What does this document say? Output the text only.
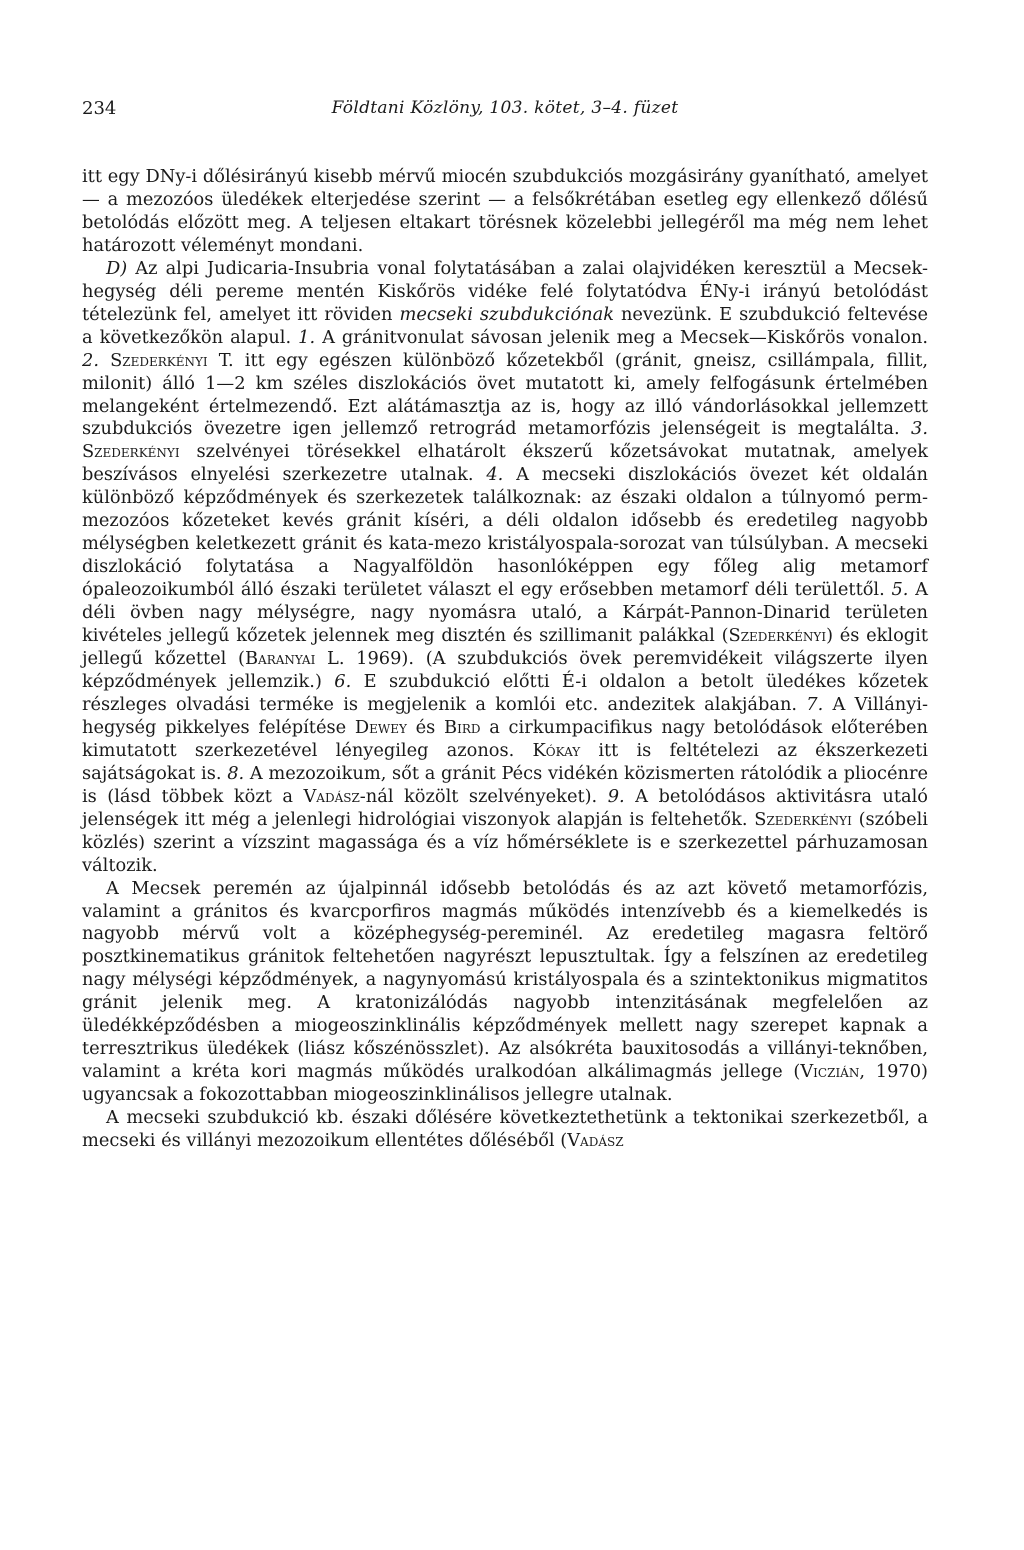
234	Földtani Közlöny, 103. kötet, 3–4. füzet

itt egy DNy-i dőlésirányú kisebb mérvű miocén szubdukciós mozgásirány gyanítható, amelyet — a mezozóos üledékek elterjedése szerint — a felsőkrétában esetleg egy ellenkező dőlésű betolódás előzött meg. A teljesen eltakart törésnek közelebbi jellegéről ma még nem lehet határozott véleményt mondani.

D) Az alpi Judicaria-Insubria vonal folytatásában a zalai olajvidéken keresztül a Mecsek-hegység déli pereme mentén Kiskőrös vidéke felé folytatódva ÉNy-i irányú betolódást tételezünk fel, amelyet itt röviden mecseki szubdukciónak nevezünk. E szubdukció feltevése a következőkön alapul. 1. A gránitvonulat sávosan jelenik meg a Mecsek—Kiskőrös vonalon. 2. Szederkényi T. itt egy egészen különböző kőzetekből (gránit, gneisz, csillámpala, fillit, milonit) álló 1—2 km széles diszlokációs övet mutatott ki, amely felfogásunk értelmében melangeként értelmezendő. Ezt alátámasztja az is, hogy az illó vándorlásokkal jellemzett szubdukciós övezetre igen jellemző retrográd metamorfózis jelenségeit is megtalálta. 3. Szederkényi szelvényei törésekkel elhatárolt ékszerű kőzetsávokat mutatnak, amelyek beszívásos elnyelési szerkezetre utalnak. 4. A mecseki diszlokációs övezet két oldalán különböző képződmények és szerkezetek találkoznak: az északi oldalon a túlnyomó perm-mezozóos kőzeteket kevés gránit kíséri, a déli oldalon idősebb és eredetileg nagyobb mélységben keletkezett gránit és kata-mezo kristályospala-sorozat van túlsúlyban. A mecseki diszlokáció folytatása a Nagyalföldön hasonlóképpen egy főleg alig metamorf ópaleozoikumból álló északi területet választ el egy erősebben metamorf déli területtől. 5. A déli övben nagy mélységre, nagy nyomásra utaló, a Kárpát-Pannon-Dinarid területen kivételes jellegű kőzetek jelennek meg disztén és szillimanit palákkal (Szederkényi) és eklogit jellegű kőzettel (Baranyai L. 1969). (A szubdukciós övek peremvidékeit világszerte ilyen képződmények jellemzik.) 6. E szubdukció előtti É-i oldalon a betolt üledékes kőzetek részleges olvadási terméke is megjelenik a komlói etc. andezitek alakjában. 7. A Villányi-hegység pikkelyes felépítése Dewey és Bird a cirkumpacifikus nagy betolódások előterében kimutatott szerkezetével lényegileg azonos. Kókay itt is feltételezi az ékszerkezeti sajátságokat is. 8. A mezozoikum, sőt a gránit Pécs vidékén közismerten rátolódik a pliocénre is (lásd többek közt a Vadász-nál közölt szelvényeket). 9. A betolódásos aktivitásra utaló jelenségek itt még a jelenlegi hidrológiai viszonyok alapján is feltehetők. Szederkényi (szóbeli közlés) szerint a vízszint magassága és a víz hőmérséklete is e szerkezettel párhuzamosan változik.

A Mecsek peremén az újalpinnál idősebb betolódás és az azt követő metamorfózis, valamint a gránitos és kvarcporfiros magmás működés intenzívebb és a kiemelkedés is nagyobb mérvű volt a középhegység-pereminél. Az eredetileg magasra feltörő posztkinematikus gránitok feltehetően nagyrészt lepusztultak. Így a felszínen az eredetileg nagy mélységi képződmények, a nagynyomású kristályospala és a szintektonikus migmatitos gránit jelenik meg. A kratonizálódás nagyobb intenzitásának megfelelően az üledékképződésben a miogeoszinklinális képződmények mellett nagy szerepet kapnak a terresztrikus üledékek (liász kőszénösszlet). Az alsókréta bauxitosodás a villányi-teknőben, valamint a kréta kori magmás működés uralkodóan alkálimagmás jellege (Viczián, 1970) ugyancsak a fokozottabban miogeoszinklinálisos jellegre utalnak.

A mecseki szubdukció kb. északi dőlésére következtethetünk a tektonikai szerkezetből, a mecseki és villányi mezozoikum ellentétes dőléséből (Vadász
